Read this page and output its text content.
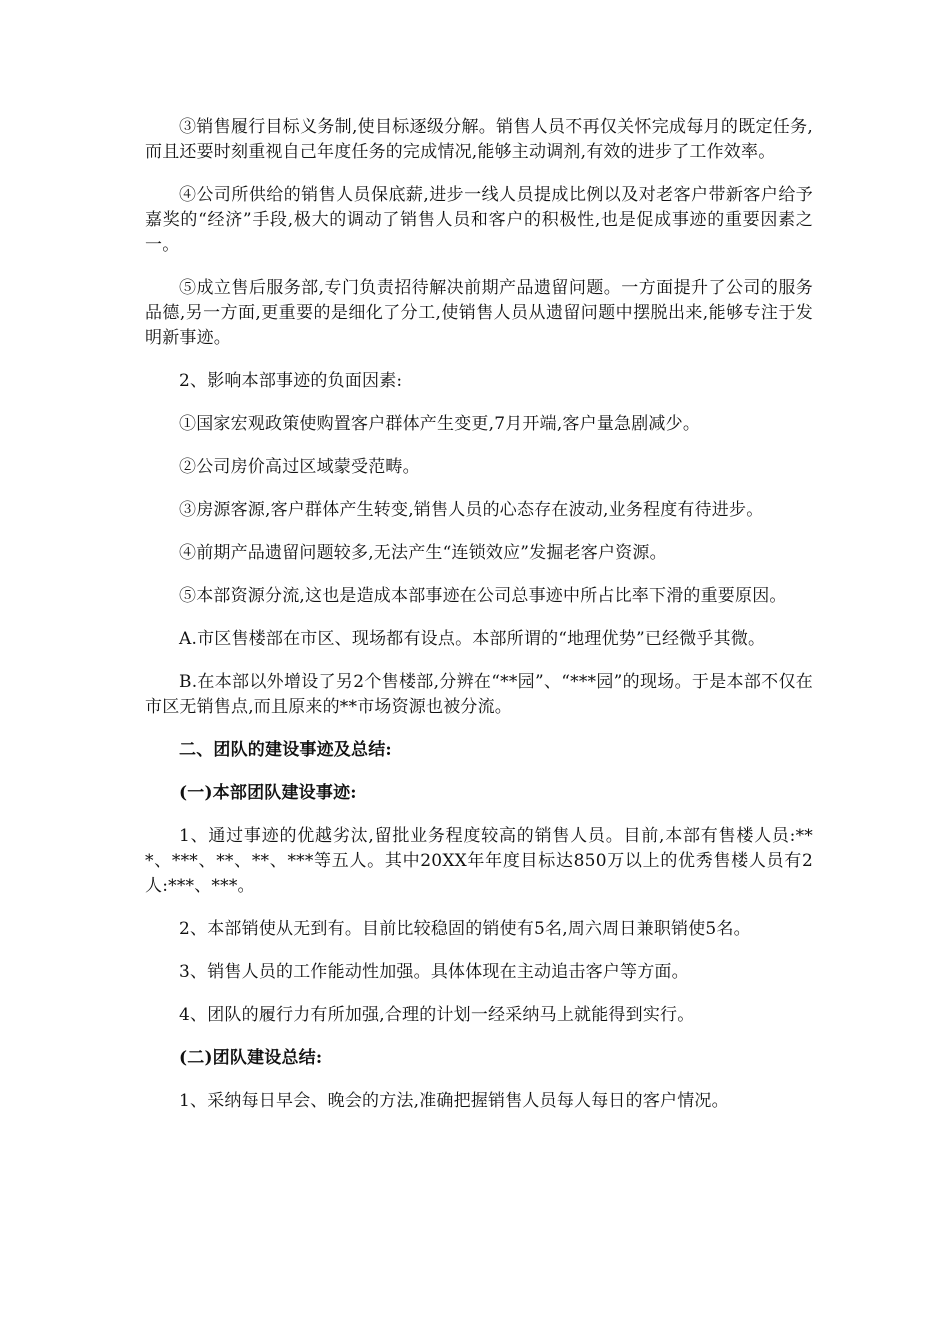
③销售履行目标义务制,使目标逐级分解。销售人员不再仅关怀完成每月的既定任务,而且还要时刻重视自己年度任务的完成情况,能够主动调剂,有效的进步了工作效率。

④公司所供给的销售人员保底薪,进步一线人员提成比例以及对老客户带新客户给予嘉奖的“经济”手段,极大的调动了销售人员和客户的积极性,也是促成事迹的重要因素之一。

⑤成立售后服务部,专门负责招待解决前期产品遗留问题。一方面提升了公司的服务品德,另一方面,更重要的是细化了分工,使销售人员从遗留问题中摆脱出来,能够专注于发明新事迹。

2、影响本部事迹的负面因素:

①国家宏观政策使购置客户群体产生变更,7月开端,客户量急剧减少。

②公司房价高过区域蒙受范畴。

③房源客源,客户群体产生转变,销售人员的心态存在波动,业务程度有待进步。

④前期产品遗留问题较多,无法产生“连锁效应”发掘老客户资源。

⑤本部资源分流,这也是造成本部事迹在公司总事迹中所占比率下滑的重要原因。

A.市区售楼部在市区、现场都有设点。本部所谓的“地理优势”已经微乎其微。

B.在本部以外增设了另2个售楼部,分辨在“**园”、“***园”的现场。于是本部不仅在市区无销售点,而且原来的**市场资源也被分流。

二、团队的建设事迹及总结:

(一)本部团队建设事迹:

1、通过事迹的优越劣汰,留批业务程度较高的销售人员。目前,本部有售楼人员:***、***、**、**、***等五人。其中20XX年年度目标达850万以上的优秀售楼人员有2人:***、***。

2、本部销使从无到有。目前比较稳固的销使有5名,周六周日兼职销使5名。

3、销售人员的工作能动性加强。具体体现在主动追击客户等方面。

4、团队的履行力有所加强,合理的计划一经采纳马上就能得到实行。

(二)团队建设总结:

1、采纳每日早会、晚会的方法,准确把握销售人员每人每日的客户情况。
